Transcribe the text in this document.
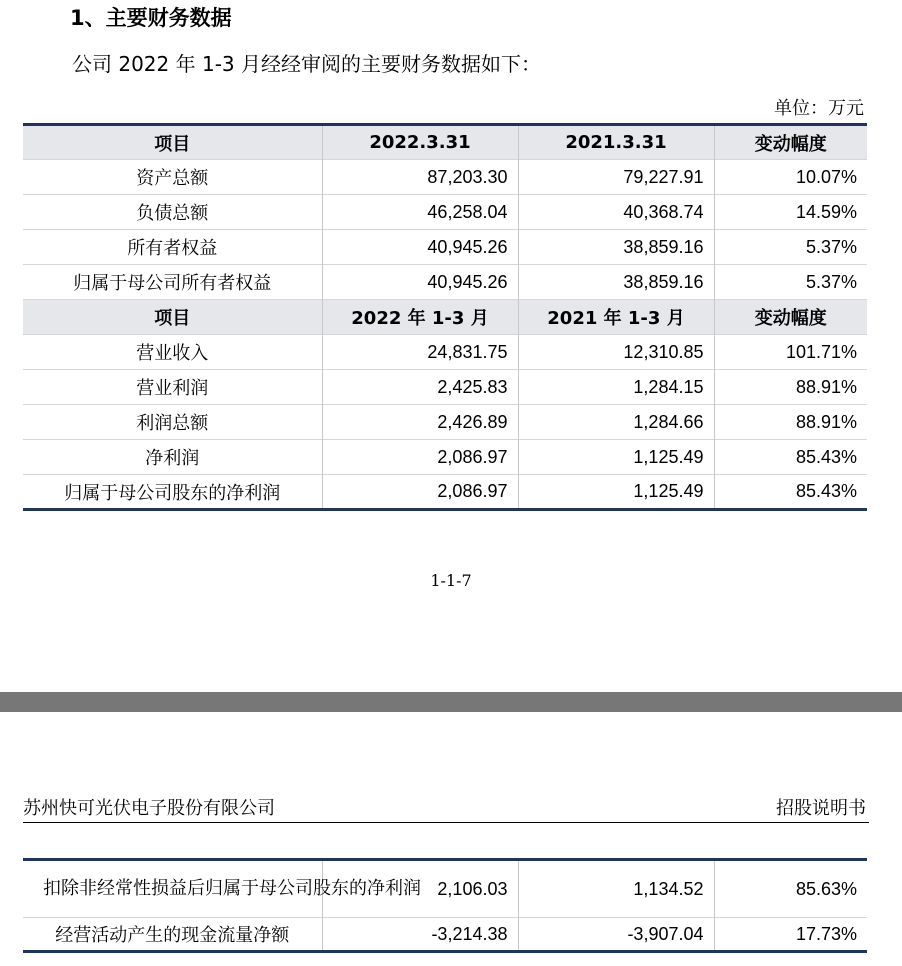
1、主要财务数据
公司 2022 年 1-3 月经经审阅的主要财务数据如下：
单位：万元
项目	2022.3.31	2021.3.31	变动幅度
资产总额	87,203.30	79,227.91	10.07%
负债总额	46,258.04	40,368.74	14.59%
所有者权益	40,945.26	38,859.16	5.37%
归属于母公司所有者权益	40,945.26	38,859.16	5.37%
项目	2022 年 1-3 月	2021 年 1-3 月	变动幅度
营业收入	24,831.75	12,310.85	101.71%
营业利润	2,425.83	1,284.15	88.91%
利润总额	2,426.89	1,284.66	88.91%
净利润	2,086.97	1,125.49	85.43%
归属于母公司股东的净利润	2,086.97	1,125.49	85.43%
1-1-7
苏州快可光伏电子股份有限公司	招股说明书
扣除非经常性损益后归属于母公司股东的净利润	2,106.03	1,134.52	85.63%
经营活动产生的现金流量净额	-3,214.38	-3,907.04	17.73%
